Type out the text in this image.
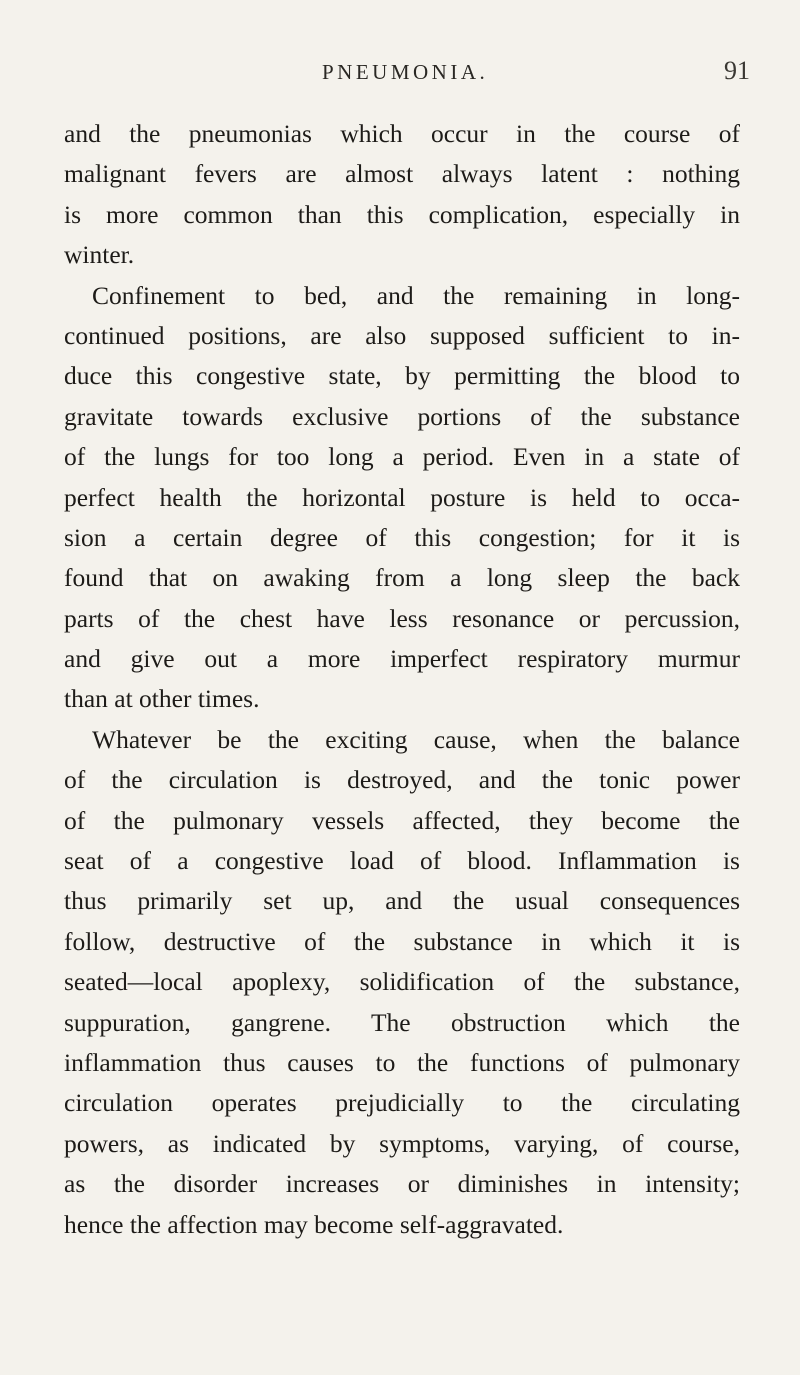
PNEUMONIA.	91
and the pneumonias which occur in the course of
malignant fevers are almost always latent : nothing
is more common than this complication, especially in
winter.
Confinement to bed, and the remaining in long-
continued positions, are also supposed sufficient to in-
duce this congestive state, by permitting the blood to
gravitate towards exclusive portions of the substance
of the lungs for too long a period. Even in a state of
perfect health the horizontal posture is held to occa-
sion a certain degree of this congestion; for it is
found that on awaking from a long sleep the back
parts of the chest have less resonance or percussion,
and give out a more imperfect respiratory murmur
than at other times.
Whatever be the exciting cause, when the balance
of the circulation is destroyed, and the tonic power
of the pulmonary vessels affected, they become the
seat of a congestive load of blood. Inflammation is
thus primarily set up, and the usual consequences
follow, destructive of the substance in which it is
seated—local apoplexy, solidification of the substance,
suppuration, gangrene. The obstruction which the
inflammation thus causes to the functions of pulmonary
circulation operates prejudicially to the circulating
powers, as indicated by symptoms, varying, of course,
as the disorder increases or diminishes in intensity;
hence the affection may become self-aggravated.
